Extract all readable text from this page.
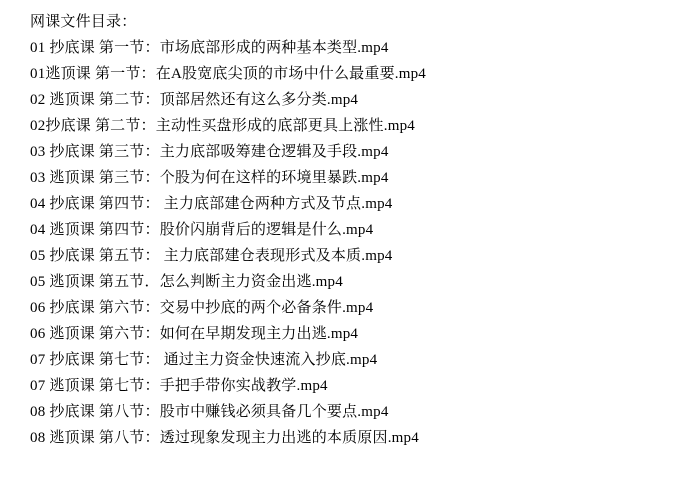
网课文件目录：
01 抄底课 第一节：市场底部形成的两种基本类型.mp4
01逃顶课 第一节：在A股宽底尖顶的市场中什么最重要.mp4
02 逃顶课 第二节：顶部居然还有这么多分类.mp4
02抄底课 第二节：主动性买盘形成的底部更具上涨性.mp4
03 抄底课 第三节：主力底部吸筹建仓逻辑及手段.mp4
03 逃顶课 第三节：个股为何在这样的环境里暴跌.mp4
04 抄底课 第四节： 主力底部建仓两种方式及节点.mp4
04 逃顶课 第四节：股价闪崩背后的逻辑是什么.mp4
05 抄底课 第五节： 主力底部建仓表现形式及本质.mp4
05 逃顶课 第五节．怎么判断主力资金出逃.mp4
06 抄底课 第六节：交易中抄底的两个必备条件.mp4
06 逃顶课 第六节：如何在早期发现主力出逃.mp4
07 抄底课 第七节： 通过主力资金快速流入抄底.mp4
07 逃顶课 第七节：手把手带你实战教学.mp4
08 抄底课 第八节：股市中赚钱必须具备几个要点.mp4
08 逃顶课 第八节：透过现象发现主力出逃的本质原因.mp4
